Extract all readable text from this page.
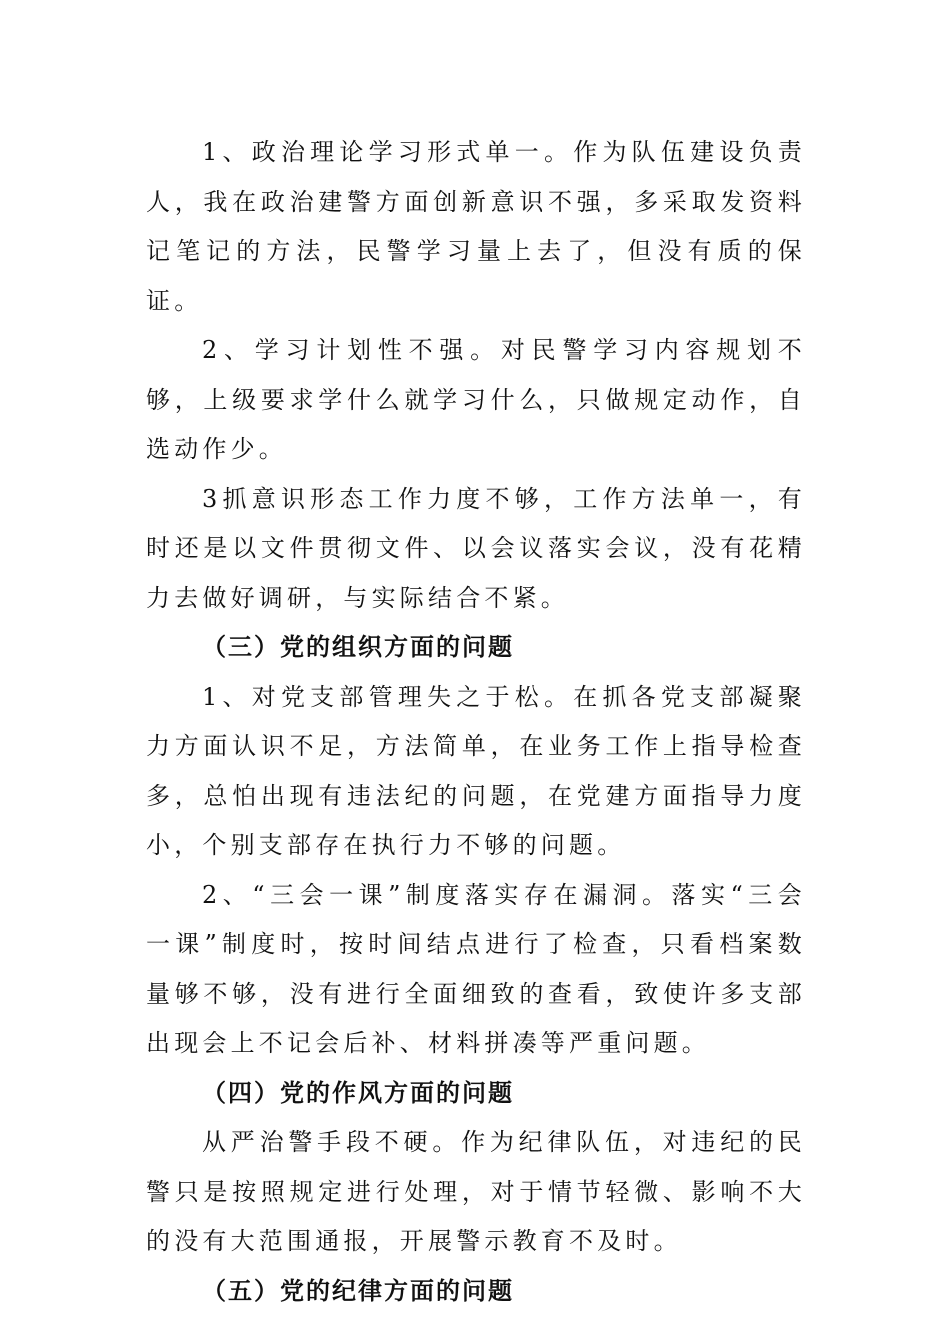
1、政治理论学习形式单一。作为队伍建设负责人，我在政治建警方面创新意识不强，多采取发资料记笔记的方法，民警学习量上去了，但没有质的保证。

2、学习计划性不强。对民警学习内容规划不够，上级要求学什么就学习什么，只做规定动作，自选动作少。

3抓意识形态工作力度不够，工作方法单一，有时还是以文件贯彻文件、以会议落实会议，没有花精力去做好调研，与实际结合不紧。

（三）党的组织方面的问题

1、对党支部管理失之于松。在抓各党支部凝聚力方面认识不足，方法简单，在业务工作上指导检查多，总怕出现有违法纪的问题，在党建方面指导力度小，个别支部存在执行力不够的问题。

2、“三会一课”制度落实存在漏洞。落实“三会一课”制度时，按时间结点进行了检查，只看档案数量够不够，没有进行全面细致的查看，致使许多支部出现会上不记会后补、材料拼凑等严重问题。

（四）党的作风方面的问题

从严治警手段不硬。作为纪律队伍，对违纪的民警只是按照规定进行处理，对于情节轻微、影响不大的没有大范围通报，开展警示教育不及时。

（五）党的纪律方面的问题
